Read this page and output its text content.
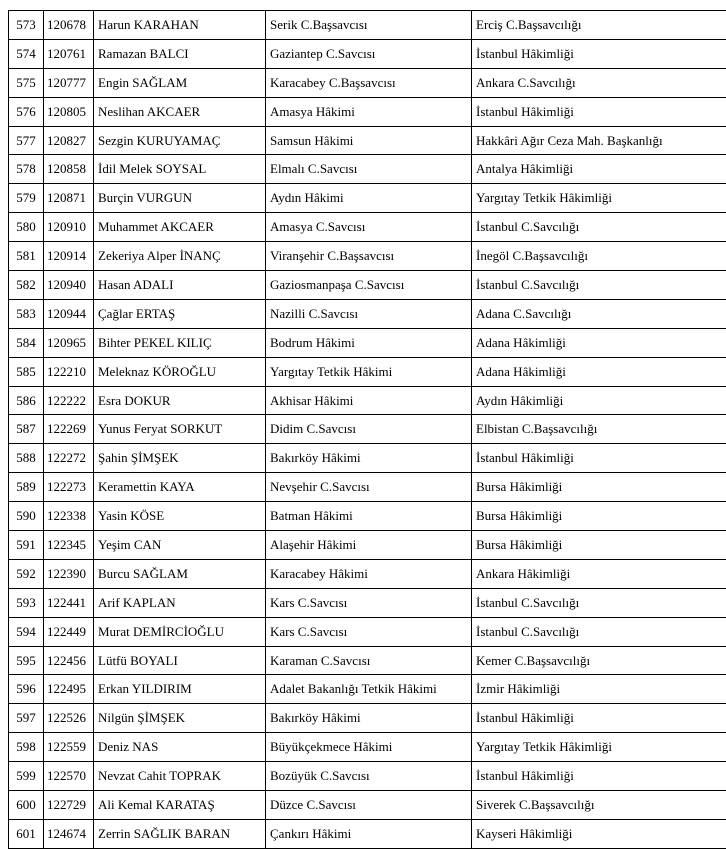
573	120678	Harun KARAHAN	Serik C.Başsavcısı	Erciş C.Başsavcılığı
574	120761	Ramazan BALCI	Gaziantep C.Savcısı	İstanbul Hâkimliği
575	120777	Engin SAĞLAM	Karacabey C.Başsavcısı	Ankara C.Savcılığı
576	120805	Neslihan AKCAER	Amasya Hâkimi	İstanbul Hâkimliği
577	120827	Sezgin KURUYAMAÇ	Samsun Hâkimi	Hakkâri Ağır Ceza Mah. Başkanlığı
578	120858	İdil Melek SOYSAL	Elmalı C.Savcısı	Antalya Hâkimliği
579	120871	Burçin VURGUN	Aydın Hâkimi	Yargıtay Tetkik Hâkimliği
580	120910	Muhammet AKCAER	Amasya C.Savcısı	İstanbul C.Savcılığı
581	120914	Zekeriya Alper İNANÇ	Viranşehir C.Başsavcısı	İnegöl C.Başsavcılığı
582	120940	Hasan ADALI	Gaziosmanpaşa C.Savcısı	İstanbul C.Savcılığı
583	120944	Çağlar ERTAŞ	Nazilli C.Savcısı	Adana C.Savcılığı
584	120965	Bihter PEKEL KILIÇ	Bodrum Hâkimi	Adana Hâkimliği
585	122210	Meleknaz KÖROĞLU	Yargıtay Tetkik Hâkimi	Adana Hâkimliği
586	122222	Esra DOKUR	Akhisar Hâkimi	Aydın Hâkimliği
587	122269	Yunus Feryat SORKUT	Didim C.Savcısı	Elbistan C.Başsavcılığı
588	122272	Şahin ŞİMŞEK	Bakırköy Hâkimi	İstanbul Hâkimliği
589	122273	Keramettin KAYA	Nevşehir C.Savcısı	Bursa Hâkimliği
590	122338	Yasin KÖSE	Batman Hâkimi	Bursa Hâkimliği
591	122345	Yeşim CAN	Alaşehir Hâkimi	Bursa Hâkimliği
592	122390	Burcu SAĞLAM	Karacabey Hâkimi	Ankara Hâkimliği
593	122441	Arif KAPLAN	Kars C.Savcısı	İstanbul C.Savcılığı
594	122449	Murat DEMİRCİOĞLU	Kars C.Savcısı	İstanbul C.Savcılığı
595	122456	Lütfü BOYALI	Karaman C.Savcısı	Kemer C.Başsavcılığı
596	122495	Erkan YILDIRIM	Adalet Bakanlığı Tetkik Hâkimi	İzmir Hâkimliği
597	122526	Nilgün ŞİMŞEK	Bakırköy Hâkimi	İstanbul Hâkimliği
598	122559	Deniz NAS	Büyükçekmece Hâkimi	Yargıtay Tetkik Hâkimliği
599	122570	Nevzat Cahit TOPRAK	Bozüyük C.Savcısı	İstanbul Hâkimliği
600	122729	Ali Kemal KARATAŞ	Düzce C.Savcısı	Siverek C.Başsavcılığı
601	124674	Zerrin SAĞLIK BARAN	Çankırı Hâkimi	Kayseri Hâkimliği
